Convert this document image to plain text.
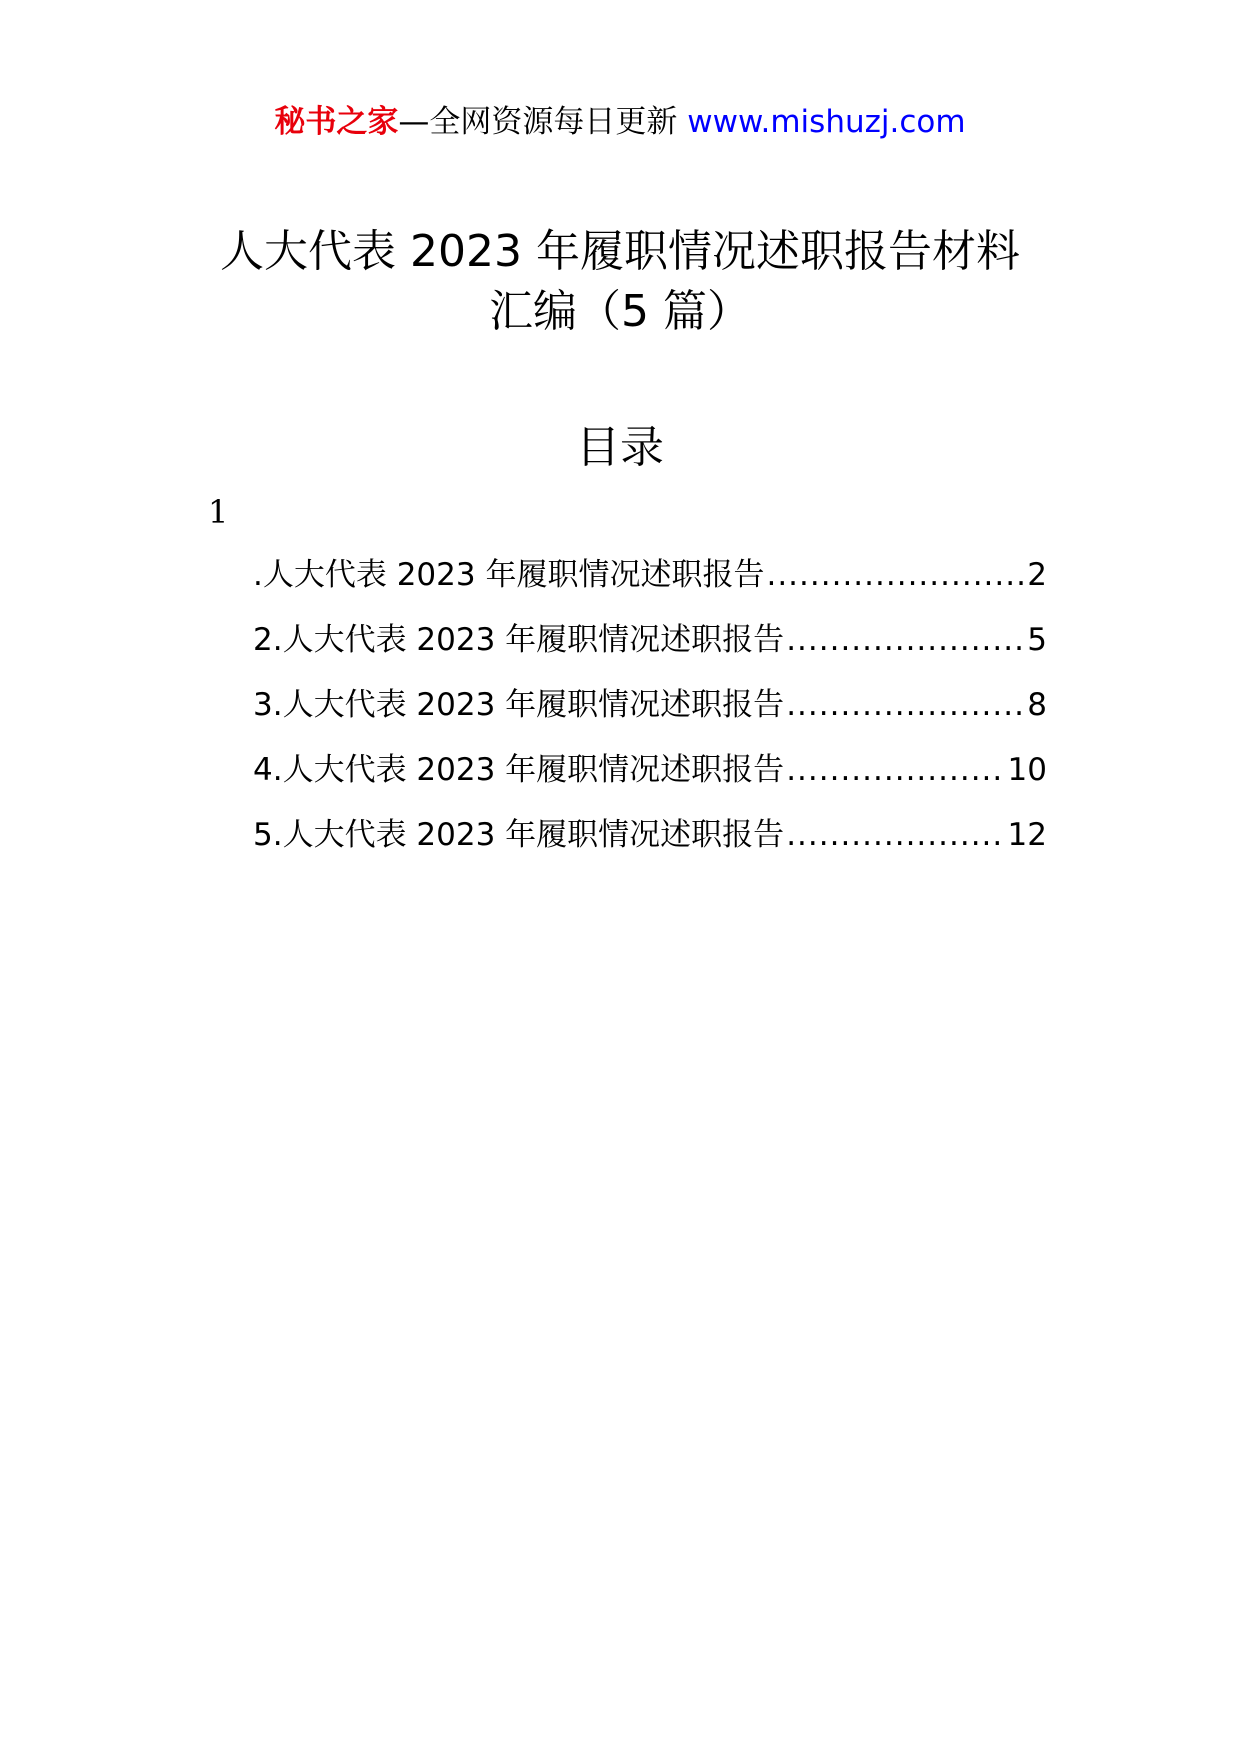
秘书之家—全网资源每日更新 www.mishuzj.com
人大代表 2023 年履职情况述职报告材料
汇编（5 篇）
目录
1
.人大代表 2023 年履职情况述职报告 .....	2
2.人大代表 2023 年履职情况述职报告 .....	5
3.人大代表 2023 年履职情况述职报告 .....	8
4.人大代表 2023 年履职情况述职报告 .....	10
5.人大代表 2023 年履职情况述职报告 .....	12
